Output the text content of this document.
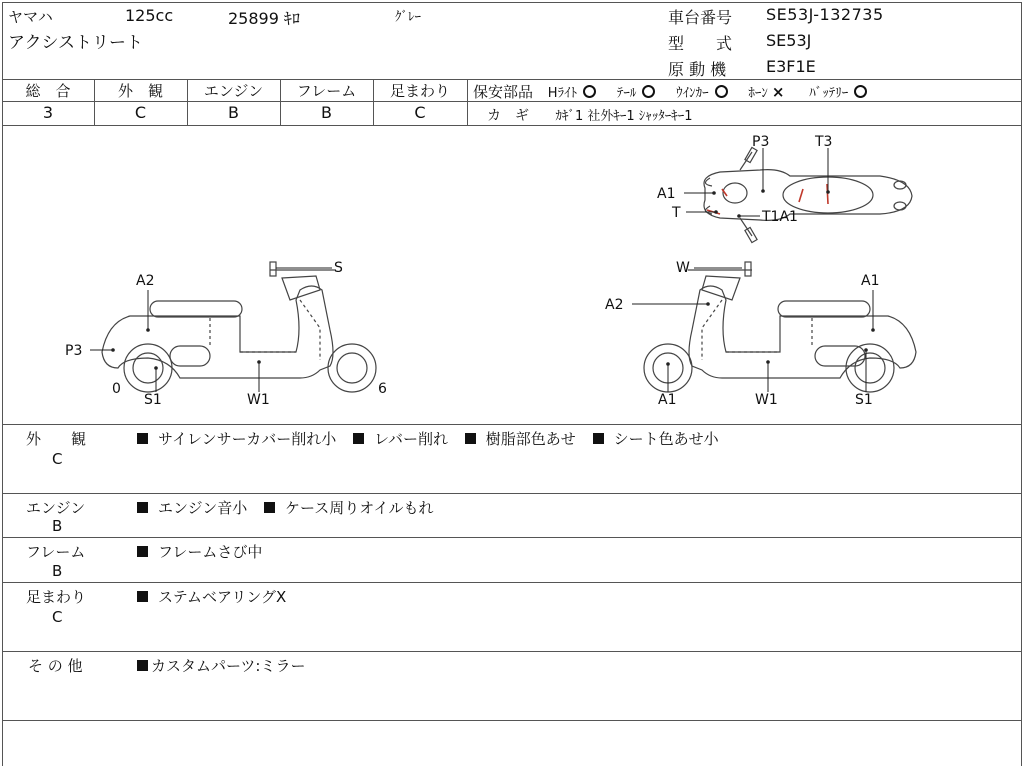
ヤマハ	125cc	25899 ｷﾛ	ｸﾞﾚｰ
アクシストリート
車台番号 SE53J-132735
型　　式 SE53J
原 動 機 E3F1E
総　合	外　観	エンジン	フレーム	足まわり
3	C	B	B	C
保安部品 Hﾗｲﾄ	ﾃｰﾙ	ｳｲﾝｶｰ	ﾎｰﾝ × ﾊﾞｯﾃﾘｰ
カ　ギ ｶｷﾞ1 社外ｷｰ1 ｼｬｯﾀｰｷｰ1
P3	T3
A1
T	T1A1
S
A2
P3
0
S1	W1
6
W
A1
A2
A1	W1	S1
外　　観
C
サイレンサーカバー削れ小	レバー削れ	樹脂部色あせ	シート色あせ小
エンジン
B
エンジン音小	ケース周りオイルもれ
フレーム
B
フレームさび中
足まわり
C
ステムベアリングX
そ の 他	カスタムパーツ:ミラー
